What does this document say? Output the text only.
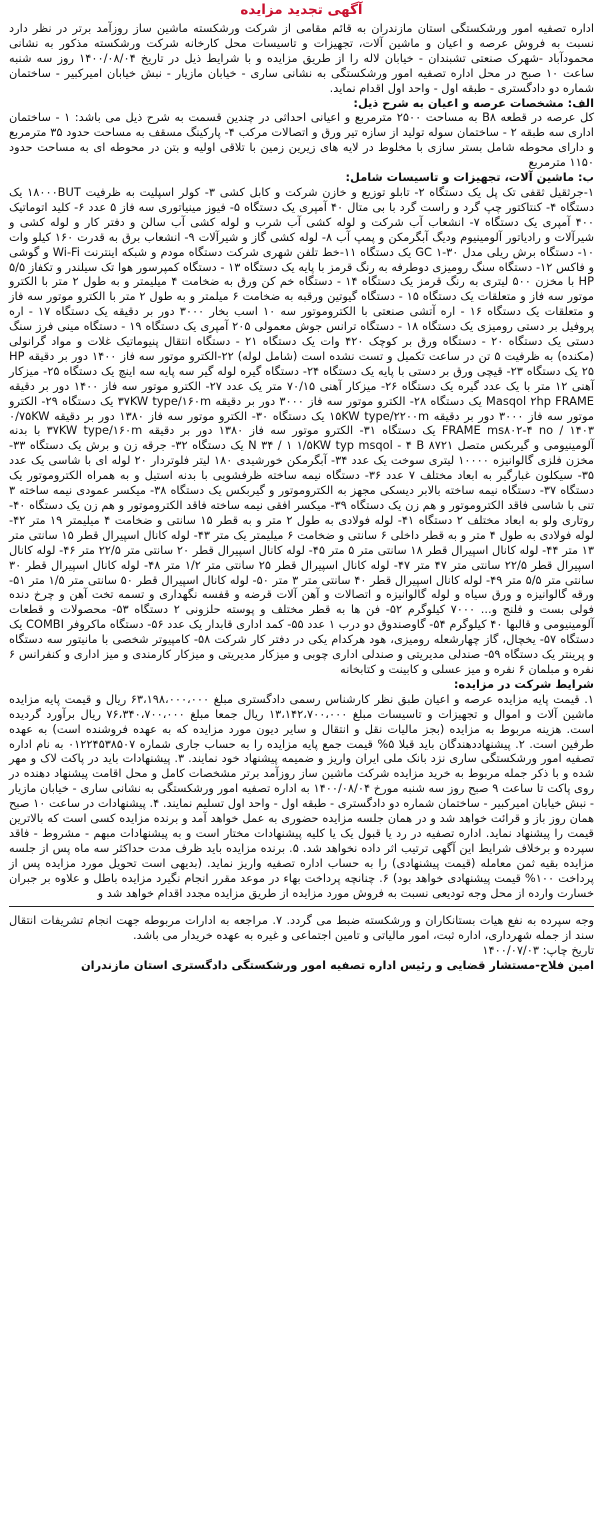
آگهی تجدید مزایده

اداره تصفیه امور ورشکستگی استان مازندران به قائم مقامی از شرکت ورشکسته ماشین ساز روزآمد برتر در نظر دارد نسبت به فروش عرصه و اعیان و ماشین آلات، تجهیزات و تاسیسات محل کارخانه شرکت ورشکسته مذکور به نشانی محمودآباد -شهرک صنعتی تشبندان - خیابان لاله را از طریق مزایده و با شرایط ذیل در تاریخ ۱۴۰۰/۰۸/۰۴ روز سه شنبه ساعت ۱۰ صبح در محل اداره تصفیه امور ورشکستگی به نشانی ساری - خیابان مازیار - نبش خیابان امیرکبیر - ساختمان شماره دو دادگستری - طبقه اول - واحد اول اقدام نماید.

الف: مشخصات عرصه و اعیان به شرح ذیل:

کل عرصه در قطعه B۸ به مساحت ۲۵۰۰ مترمربع و اعیانی احداثی در چندین قسمت به شرح ذیل می باشد: ۱ - ساختمان اداری سه طبقه ۲ - ساختمان سوله تولید از سازه تیر ورق و اتصالات مرکب ۴- پارکینگ مسقف به مساحت حدود ۳۵ مترمربع و دارای محوطه شامل بستر سازی با مخلوط در لایه های زیرین زمین با تلاقی اولیه و بتن در محوطه ای به مساحت حدود ۱۱۵۰ مترمربع

ب: ماشین آلات، تجهیزات و تاسیسات شامل:

۱-جرثقیل ثقفی تک پل یک دستگاه ۲- تابلو توزیع و خازن شرکت و کابل کشی ۳- کولر اسپلیت به ظرفیت ۱۸۰۰۰BUT یک دستگاه ۴- کنتاکتور چپ گرد و راست گرد با بی متال ۴۰ آمپری یک دستگاه ۵- فیوز مینیاتوری سه فاز ۵ عدد ۶- کلید اتوماتیک ۴۰۰ آمپری یک دستگاه ۷- انشعاب آب شرکت و لوله کشی آب شرب و لوله کشی آب سالن و دفتر کار و لوله کشی و شیرآلات و رادیاتور آلومینیوم ودیگ آبگرمکن و پمپ آب ۸- لوله کشی گاز و شیرآلات ۹- انشعاب برق به قدرت ۱۶۰ کیلو وات ۱۰- دستگاه برش ریلی مدل GC ۱-۳۰ یک دستگاه ۱۱-خط تلفن شهری شرکت دستگاه مودم و شبکه اینترنت Wi-Fi و گوشی و فاکس ۱۲- دستگاه سنگ رومیزی دوطرفه به رنگ قرمز با پایه یک دستگاه ۱۳ - دستگاه کمپرسور هوا تک سیلندر و تکفاز ۵/۵ HP با مخزن ۵۰۰ لیتری به رنگ قرمز یک دستگاه ۱۴ - دستگاه خم کن ورق به ضخامت ۴ میلیمتر و به طول ۲ متر با الکترو موتور سه فاز و متعلقات یک دستگاه ۱۵ - دستگاه گیوتین ورقبه به ضخامت ۶ میلمتر و به طول ۲ متر با الکترو موتور سه فاز و متعلقات یک دستگاه ۱۶ - اره آتشی صنعتی با الکتروموتور سه ۱۰ اسب بخار ۳۰۰۰ دور بر دقیقه یک دستگاه ۱۷ - اره پروفیل بر دستی رومیزی یک دستگاه ۱۸ - دستگاه ترانس جوش معمولی ۲۰۵ آمپری یک دستگاه ۱۹ - دستگاه مینی فرز سنگ دستی یک دستگاه ۲۰ - دستگاه ورق بر کوچک ۴۲۰ وات یک دستگاه ۲۱ - دستگاه انتقال پنیوماتیک غلات و مواد گرانولی (مکنده) به ظرفیت ۵ تن در ساعت تکمیل و تست نشده است (شامل لوله) ۲۲-الکترو موتور سه فاز ۱۴۰۰ دور بر دقیقه HP ۲۵ یک دستگاه ۲۳- قیچی ورق بر دستی با پایه یک دستگاه ۲۴- دستگاه گیره لوله گیر سه پایه سه اینچ یک دستگاه ۲۵- میزکار آهنی ۱۲ متر با یک عدد گیره یک دستگاه ۲۶- میزکار آهنی ۷۰/۱۵ متر یک عدد ۲۷- الکترو موتور سه فاز ۱۴۰۰ دور بر دقیقه Masqol ۲hp FRAME یک دستگاه ۲۸- الکترو موتور سه فاز ۳۰۰۰ دور بر دقیقه ۳۷KW type/۱۶۰m یک دستگاه ۲۹- الکترو موتور سه فاز ۳۰۰۰ دور بر دقیقه ۱۵KW type/۲۲۰۰m یک دستگاه ۳۰- الکترو موتور سه فاز ۱۳۸۰ دور بر دقیقه ۰/۷۵KW FRAME ms۸۰۲-۴ no / ۱۴۰۳ یک دستگاه ۳۱- الکترو موتور سه فاز ۱۳۸۰ دور بر دقیقه ۳۷KW type/۱۶۰m با بدنه آلومینیومی و گیربکس متصل ۸۷۲۱ N ۳۴ / ۱ ۱/۵KW typ msqol - ۴ B یک دستگاه ۳۲- جرقه زن و برش یک دستگاه ۳۳- مخزن فلزی گالوانیزه ۱۰۰۰۰ لیتری سوخت یک عدد ۳۴- آبگرمکن خورشیدی ۱۸۰ لیتر فلوتردار ۲۰ لوله ای با شاسی یک عدد ۳۵- سیکلون غبارگیر به ابعاد مختلف ۷ عدد ۳۶- دستگاه نیمه ساخته ظرفشویی با بدنه استیل و به همراه الکتروموتور یک دستگاه ۳۷- دستگاه نیمه ساخته بالابر دیسکی مجهز به الکتروموتور و گیربکس یک دستگاه ۳۸- میکسر عمودی نیمه ساخته ۳ تنی با شاسی فاقد الکتروموتور و هم زن یک دستگاه ۳۹- میکسر افقی نیمه ساخته فاقد الکتروموتور و هم زن یک دستگاه ۴۰- روتاری ولو به ابعاد مختلف ۲ دستگاه ۴۱- لوله فولادی به طول ۲ متر و به قطر ۱۵ سانتی و ضخامت ۴ میلیمتر ۱۹ متر ۴۲- لوله فولادی به طول ۴ متر و به قطر داخلی ۶ سانتی و ضخامت ۶ میلیمتر یک متر ۴۳- لوله کانال اسپیرال قطر ۱۵ سانتی متر ۱۳ متر ۴۴- لوله کانال اسپیرال قطر ۱۸ سانتی متر ۵ متر ۴۵- لوله کانال اسپیرال قطر ۲۰ سانتی متر ۲۲/۵ متر ۴۶- لوله کانال اسپیرال قطر ۲۲/۵ سانتی متر ۴۷ متر ۴۷- لوله کانال اسپیرال قطر ۲۵ سانتی متر ۱/۲ متر ۴۸- لوله کانال اسپیرال قطر ۳۰ سانتی متر ۵/۵ متر ۴۹- لوله کانال اسپیرال قطر ۴۰ سانتی متر ۳ متر ۵۰- لوله کانال اسپیرال قطر ۵۰ سانتی متر ۱/۵ متر ۵۱- ورقه گالوانیزه و ورق سیاه و لوله گالوانیزه و اتصالات و آهن آلات قرضه و قفسه نگهداری و تسمه تخت آهن و چرخ دنده فولی بست و فلنج و... ۷۰۰۰ کیلوگرم ۵۲- فن ها به قطر مختلف و پوسته حلزونی ۲ دستگاه ۵۳- محصولات و قطعات آلومینیومی و قالبها ۴۰ کیلوگرم ۵۴- گاوصندوق دو درب ۱ عدد ۵۵- کمد اداری قابدار یک عدد ۵۶- دستگاه ماکروفر COMBI یک دستگاه ۵۷- یخچال، گاز چهارشعله رومیزی، هود هرکدام یکی در دفتر کار شرکت ۵۸- کامپیوتر شخصی با مانیتور سه دستگاه و پرینتر یک دستگاه ۵۹- صندلی مدیریتی و صندلی اداری چوبی و میزکار مدیریتی و میزکار کارمندی و میز اداری و کنفرانس ۶ نفره و مبلمان ۶ نفره و میز عسلی و کابینت و کتابخانه

شرایط شرکت در مزایده:

۱. قیمت پایه مزایده عرصه و اعیان طبق نظر کارشناس رسمی دادگستری مبلغ ۶۳،۱۹۸،۰۰۰،۰۰۰ ریال و قیمت پایه مزایده ماشین آلات و اموال و تجهیزات و تاسیسات مبلغ ۱۳،۱۴۲،۷۰۰،۰۰۰ ریال جمعا مبلغ ۷۶،۳۴۰،۷۰۰،۰۰۰ ریال برآورد گردیده است. هزینه مربوط به مزایده (بجز مالیات نقل و انتقال و سایر دیون مورد مزایده که به عهده فروشنده است) به عهده طرفین است. ۲. پیشنهاددهندگان باید قبلا ۵% قیمت جمع پایه مزایده را به حساب جاری شماره ۰۱۲۲۴۵۳۸۵۰۷ به نام اداره تصفیه امور ورشکستگی ساری نزد بانک ملی ایران واریز و ضمیمه پیشنهاد خود نمایند. ۳. پیشنهادات باید در پاکت لاک و مهر شده و با ذکر جمله مربوط به خرید مزایده شرکت ماشین ساز روزآمد برتر مشخصات کامل و محل اقامت پیشنهاد دهنده در روی پاکت تا ساعت ۹ صبح روز سه شنبه مورخ ۱۴۰۰/۰۸/۰۴ به اداره تصفیه امور ورشکستگی به نشانی ساری - خیابان مازیار - نبش خیابان امیرکبیر - ساختمان شماره دو دادگستری - طبقه اول - واحد اول تسلیم نمایند. ۴. پیشنهادات در ساعت ۱۰ صبح همان روز باز و قرائت خواهد شد و در همان جلسه مزایده حضوری به عمل خواهد آمد و برنده مزایده کسی است که بالاترین قیمت را پیشنهاد نماید. اداره تصفیه در رد یا قبول یک یا کلیه پیشنهادات مختار است و به پیشنهادات مبهم - مشروط - فاقد سپرده و برخلاف شرایط این آگهی ترتیب اثر داده نخواهد شد. ۵. برنده مزایده باید ظرف مدت حداکثر سه ماه پس از جلسه مزایده بقیه ثمن معامله (قیمت پیشنهادی) را به حساب اداره تصفیه واریز نماید. (بدیهی است تحویل مورد مزایده پس از پرداخت ۱۰۰% قیمت پیشنهادی خواهد بود) ۶. چنانچه پرداخت بهاء در موعد مقرر انجام نگیرد مزایده باطل و علاوه بر جبران خسارت وارده از محل وجه تودیعی نسبت به فروش مورد مزایده از طریق مزایده مجدد اقدام خواهد شد و

وجه سپرده به نفع هیات بستانکاران و ورشکسته ضبط می گردد. ۷. مراجعه به ادارات مربوطه جهت انجام تشریفات انتقال سند از جمله شهرداری، اداره ثبت، امور مالیاتی و تامین اجتماعی و غیره به عهده خریدار می باشد.

تاریخ چاپ: ۱۴۰۰/۰۷/۰۳

امین فلاح-مستشار قضایی و رئیس اداره تصفیه امور ورشکستگی دادگستری استان مازندران
